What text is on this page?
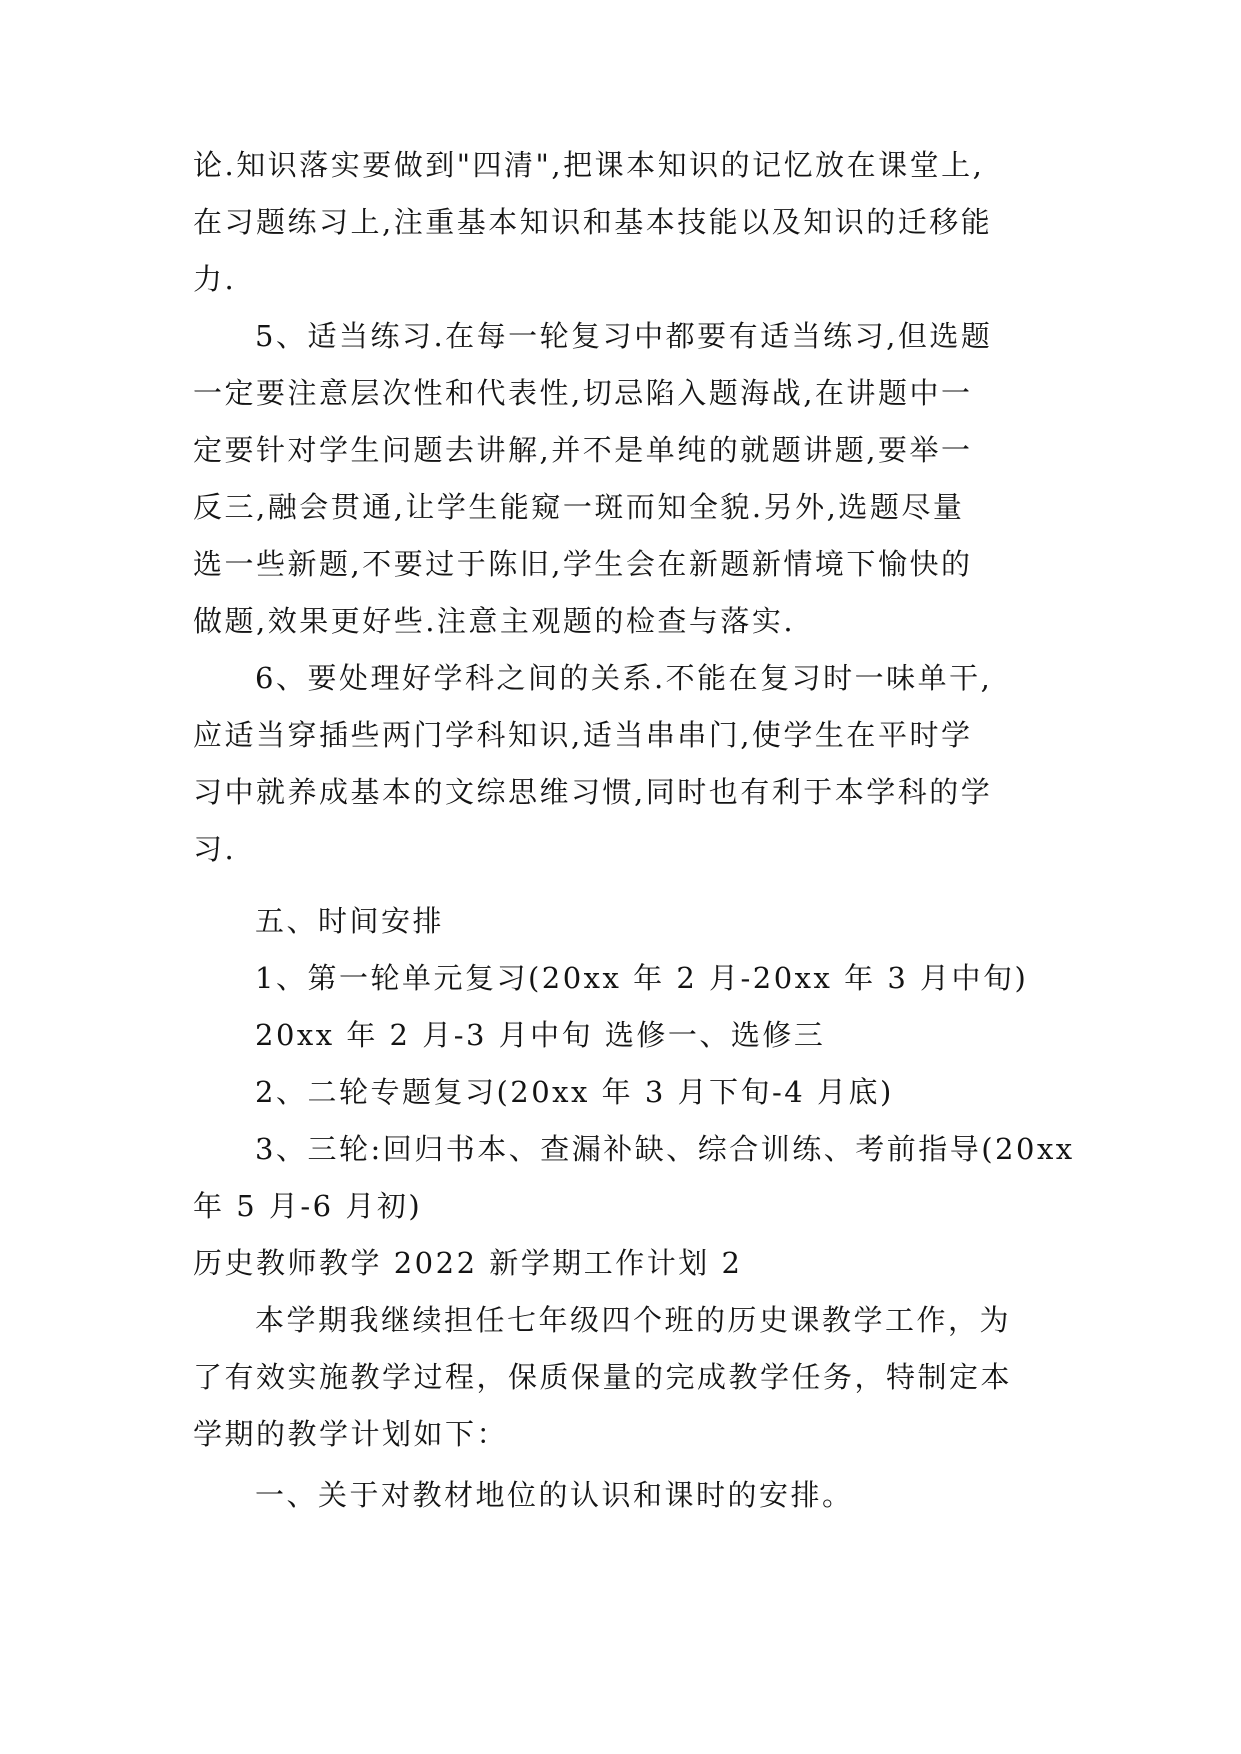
论.知识落实要做到"四清",把课本知识的记忆放在课堂上,
在习题练习上,注重基本知识和基本技能以及知识的迁移能
力.
5、适当练习.在每一轮复习中都要有适当练习,但选题
一定要注意层次性和代表性,切忌陷入题海战,在讲题中一
定要针对学生问题去讲解,并不是单纯的就题讲题,要举一
反三,融会贯通,让学生能窥一斑而知全貌.另外,选题尽量
选一些新题,不要过于陈旧,学生会在新题新情境下愉快的
做题,效果更好些.注意主观题的检查与落实.
6、要处理好学科之间的关系.不能在复习时一味单干,
应适当穿插些两门学科知识,适当串串门,使学生在平时学
习中就养成基本的文综思维习惯,同时也有利于本学科的学
习.
五、时间安排
1、第一轮单元复习(20xx 年 2 月-20xx 年 3 月中旬)
20xx 年 2 月-3 月中旬 选修一、选修三
2、二轮专题复习(20xx 年 3 月下旬-4 月底)
3、三轮:回归书本、查漏补缺、综合训练、考前指导(20xx
年 5 月-6 月初)
历史教师教学 2022 新学期工作计划 2
本学期我继续担任七年级四个班的历史课教学工作，为
了有效实施教学过程，保质保量的完成教学任务，特制定本
学期的教学计划如下：
一、关于对教材地位的认识和课时的安排。
